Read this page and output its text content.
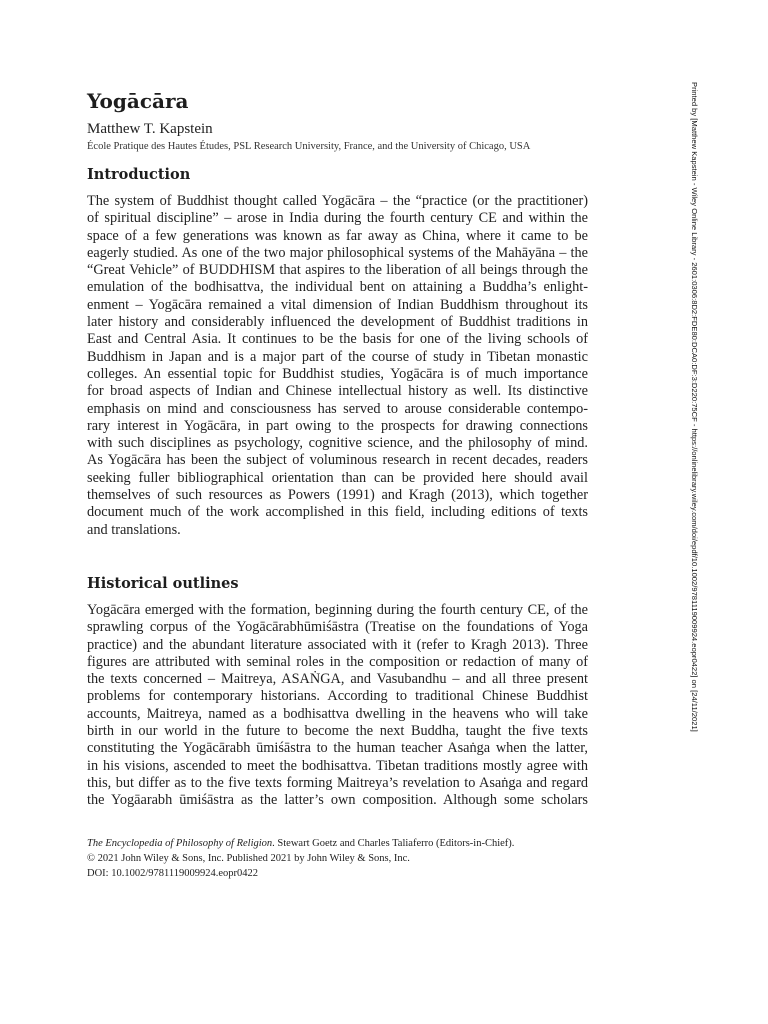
Yogācāra

Matthew T. Kapstein

École Pratique des Hautes Études, PSL Research University, France, and the University of Chicago, USA

Introduction
The system of Buddhist thought called Yogācāra – the “practice (or the practitioner)
of spiritual discipline” – arose in India during the fourth century CE and within the
space of a few generations was known as far away as China, where it came to be
eagerly studied. As one of the two major philosophical systems of the Mahāyāna – the
“Great Vehicle” of BUDDHISM that aspires to the liberation of all beings through the
emulation of the bodhisattva, the individual bent on attaining a Buddha’s enlight-
enment – Yogācāra remained a vital dimension of Indian Buddhism throughout its
later history and considerably influenced the development of Buddhist traditions in
East and Central Asia. It continues to be the basis for one of the living schools of
Buddhism in Japan and is a major part of the course of study in Tibetan monastic
colleges. An essential topic for Buddhist studies, Yogācāra is of much importance
for broad aspects of Indian and Chinese intellectual history as well. Its distinctive
emphasis on mind and consciousness has served to arouse considerable contempo-
rary interest in Yogācāra, in part owing to the prospects for drawing connections
with such disciplines as psychology, cognitive science, and the philosophy of mind.
As Yogācāra has been the subject of voluminous research in recent decades, readers
seeking fuller bibliographical orientation than can be provided here should avail
themselves of such resources as Powers (1991) and Kragh (2013), which together
document much of the work accomplished in this field, including editions of texts
and translations.
Historical outlines
Yogācāra emerged with the formation, beginning during the fourth century CE, of the
sprawling corpus of the Yogācārabhūmiśāstra (Treatise on the foundations of Yoga
practice) and the abundant literature associated with it (refer to Kragh 2013). Three
figures are attributed with seminal roles in the composition or redaction of many of
the texts concerned – Maitreya, ASAṄGA, and Vasubandhu – and all three present
problems for contemporary historians. According to traditional Chinese Buddhist
accounts, Maitreya, named as a bodhisattva dwelling in the heavens who will take
birth in our world in the future to become the next Buddha, taught the five texts
constituting the Yogācārabh ūmiśāstra to the human teacher Asaṅga when the latter,
in his visions, ascended to meet the bodhisattva. Tibetan traditions mostly agree with
this, but differ as to the five texts forming Maitreya’s revelation to Asaṅga and regard
the Yogāarabh ūmiśāstra as the latter’s own composition. Although some scholars
The Encyclopedia of Philosophy of Religion. Stewart Goetz and Charles Taliaferro (Editors-in-Chief).
© 2021 John Wiley & Sons, Inc. Published 2021 by John Wiley & Sons, Inc.
DOI: 10.1002/9781119009924.eopr0422
Printed by [Matthew Kapstein - Wiley Online Library - 2601:0306:8D2:FDE80:DCA0:DF:3:D220:75CF - https://onlinelibrary.wiley.com/doi/epdf/10.1002/9781119009924.eopr0422] on [24/11/2021]
